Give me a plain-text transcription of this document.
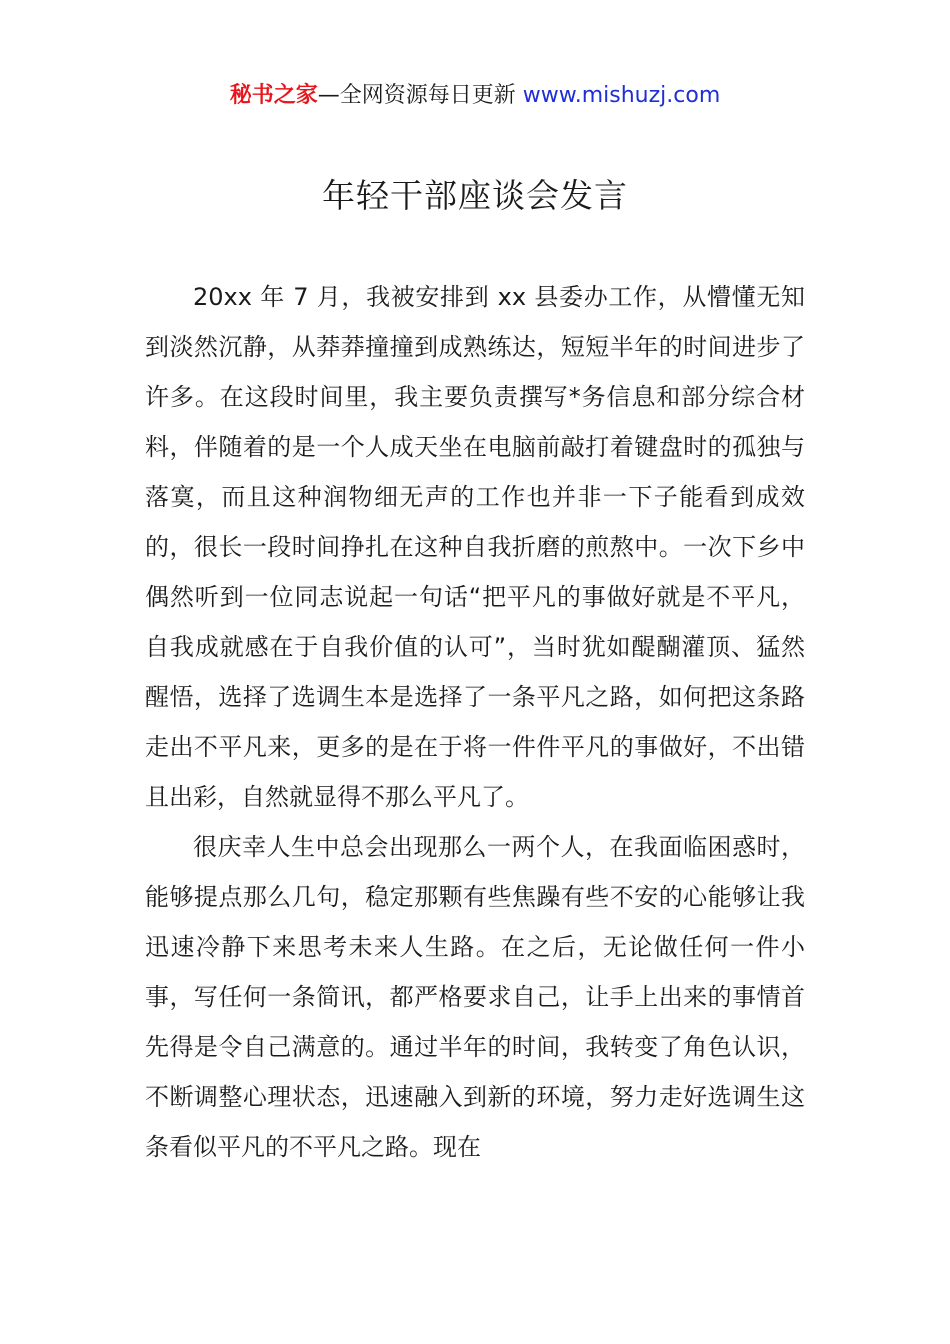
秘书之家—全网资源每日更新 www.mishuzj.com
年轻干部座谈会发言

20xx 年 7 月，我被安排到 xx 县委办工作，从懵懂无知到淡然沉静，从莽莽撞撞到成熟练达，短短半年的时间进步了许多。在这段时间里，我主要负责撰写*务信息和部分综合材料，伴随着的是一个人成天坐在电脑前敲打着键盘时的孤独与落寞，而且这种润物细无声的工作也并非一下子能看到成效的，很长一段时间挣扎在这种自我折磨的煎熬中。一次下乡中偶然听到一位同志说起一句话“把平凡的事做好就是不平凡，自我成就感在于自我价值的认可”，当时犹如醍醐灌顶、猛然醒悟，选择了选调生本是选择了一条平凡之路，如何把这条路走出不平凡来，更多的是在于将一件件平凡的事做好，不出错且出彩，自然就显得不那么平凡了。

很庆幸人生中总会出现那么一两个人，在我面临困惑时，能够提点那么几句，稳定那颗有些焦躁有些不安的心能够让我迅速冷静下来思考未来人生路。在之后，无论做任何一件小事，写任何一条简讯，都严格要求自己，让手上出来的事情首先得是令自己满意的。通过半年的时间，我转变了角色认识，不断调整心理状态，迅速融入到新的环境，努力走好选调生这条看似平凡的不平凡之路。现在
